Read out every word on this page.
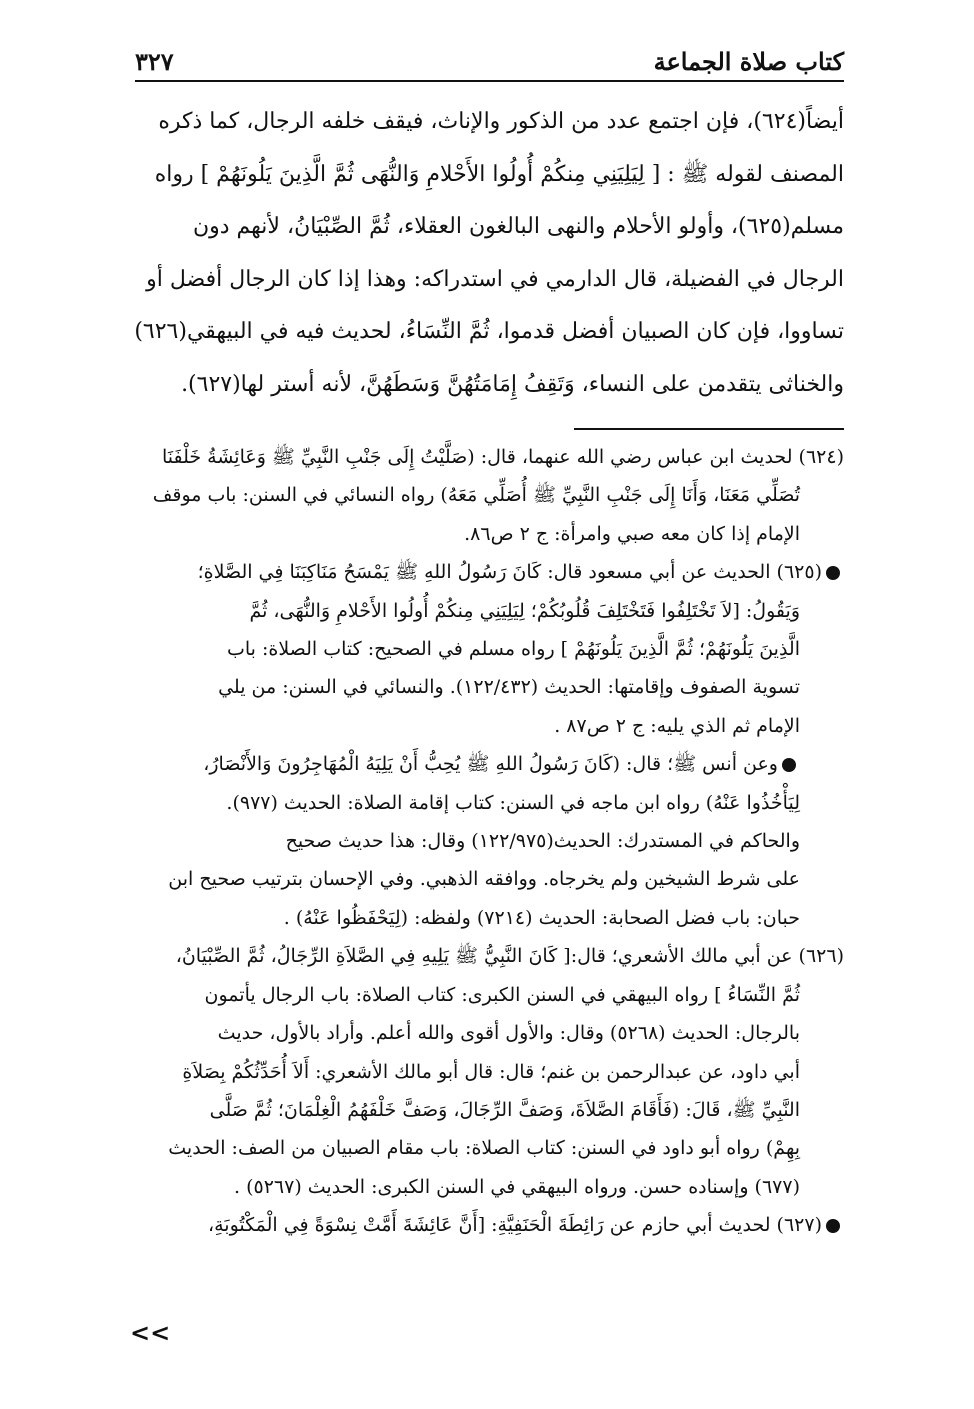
كتاب صلاة الجماعة
٣٢٧

أيضاً(٦٢٤)، فإن اجتمع عدد من الذكور والإناث، فيقف خلفه الرجال، كما ذكره

المصنف لقوله ﷺ : [ لِيَلِيَنِي مِنكُمْ أُولُوا الأَحْلامِ وَالنُّهَى ثُمَّ الَّذِينَ يَلُونَهُمْ ] رواه

مسلم(٦٢٥)، وأولو الأحلام والنهى البالغون العقلاء، ثُمَّ الصِّبْيَانُ، لأنهم دون

الرجال في الفضيلة، قال الدارمي في استدراكه: وهذا إذا كان الرجال أفضل أو

تساووا، فإن كان الصبيان أفضل قدموا، ثُمَّ النِّسَاءُ، لحديث فيه في البيهقي(٦٢٦)

والخناثى يتقدمن على النساء، وَتَقِفُ إِمَامَتُهُنَّ وَسَطَهُنَّ، لأنه أستر لها(٦٢٧).

(٦٢٤) لحديث ابن عباس رضي الله عنهما، قال: (صَلَّيْتُ إِلَى جَنْبِ النَّبِيِّ ﷺ وَعَائِشَةُ خَلْفَنَا

تُصَلِّي مَعَنَا، وَأَنَا إِلَى جَنْبِ النَّبِيِّ ﷺ أُصَلِّي مَعَهُ) رواه النسائي في السنن: باب موقف

الإمام إذا كان معه صبي وامرأة: ج ٢ ص٨٦.

(٦٢٥) الحديث عن أبي مسعود قال: كَانَ رَسُولُ اللهِ ﷺ يَمْسَحُ مَنَاكِبَنَا فِي الصَّلاةِ؛

وَيَقُولُ: [لاَ تَخْتَلِفُوا فَتَخْتَلِفَ قُلُوبُكُمْ؛ لِيَلِيَنِي مِنكُمْ أُولُوا الأَحْلامِ وَالنُّهَى، ثُمَّ

الَّذِينَ يَلُونَهُمْ؛ ثُمَّ الَّذِينَ يَلُونَهُمْ ] رواه مسلم في الصحيح: كتاب الصلاة: باب

تسوية الصفوف وإقامتها: الحديث (١٢٢/٤٣٢). والنسائي في السنن: من يلي

الإمام ثم الذي يليه: ج ٢ ص٨٧ .

وعن أنس ﷺ؛ قال: (كَانَ رَسُولُ اللهِ ﷺ يُحِبُّ أَنْ يَلِيَهُ الْمُهَاجِرُونَ وَالأَنْصَارُ،

لِيَأْخُذُوا عَنْهُ) رواه ابن ماجه في السنن: كتاب إقامة الصلاة: الحديث (٩٧٧).

والحاكم في المستدرك: الحديث(١٢٢/٩٧٥) وقال: هذا حديث صحيح

على شرط الشيخين ولم يخرجاه. ووافقه الذهبي. وفي الإحسان بترتيب صحيح ابن

حبان: باب فضل الصحابة: الحديث (٧٢١٤) ولفظه: (لِيَحْفَظُوا عَنْهُ) .

(٦٢٦) عن أبي مالك الأشعري؛ قال:[ كَانَ النَّبِيُّ ﷺ يَلِيهِ فِي الصَّلاَةِ الرِّجَالُ، ثُمَّ الصِّبْيَانُ،

ثُمَّ النِّسَاءُ ] رواه البيهقي في السنن الكبرى: كتاب الصلاة: باب الرجال يأتمون

بالرجال: الحديث (٥٢٦٨) وقال: والأول أقوى والله أعلم. وأراد بالأول، حديث

أبي داود، عن عبدالرحمن بن غنم؛ قال: قال أبو مالك الأشعري: أَلاَ أُحَدِّثُكُمْ بِصَلاَةِ

النَّبِيِّ ﷺ، قَالَ: (فَأَقَامَ الصَّلاَةَ، وَصَفَّ الرِّجَالَ، وَصَفَّ خَلْفَهُمُ الْغِلْمَانَ؛ ثُمَّ صَلَّى

بِهِمْ) رواه أبو داود في السنن: كتاب الصلاة: باب مقام الصبيان من الصف: الحديث

(٦٧٧) وإسناده حسن. ورواه البيهقي في السنن الكبرى: الحديث (٥٢٦٧) .

(٦٢٧) لحديث أبي حازم عن رَائِطَةَ الْحَنَفِيَّةِ: [أَنَّ عَائِشَةَ أَمَّتْ نِسْوَةً فِي الْمَكْتُوبَةِ،

<<
